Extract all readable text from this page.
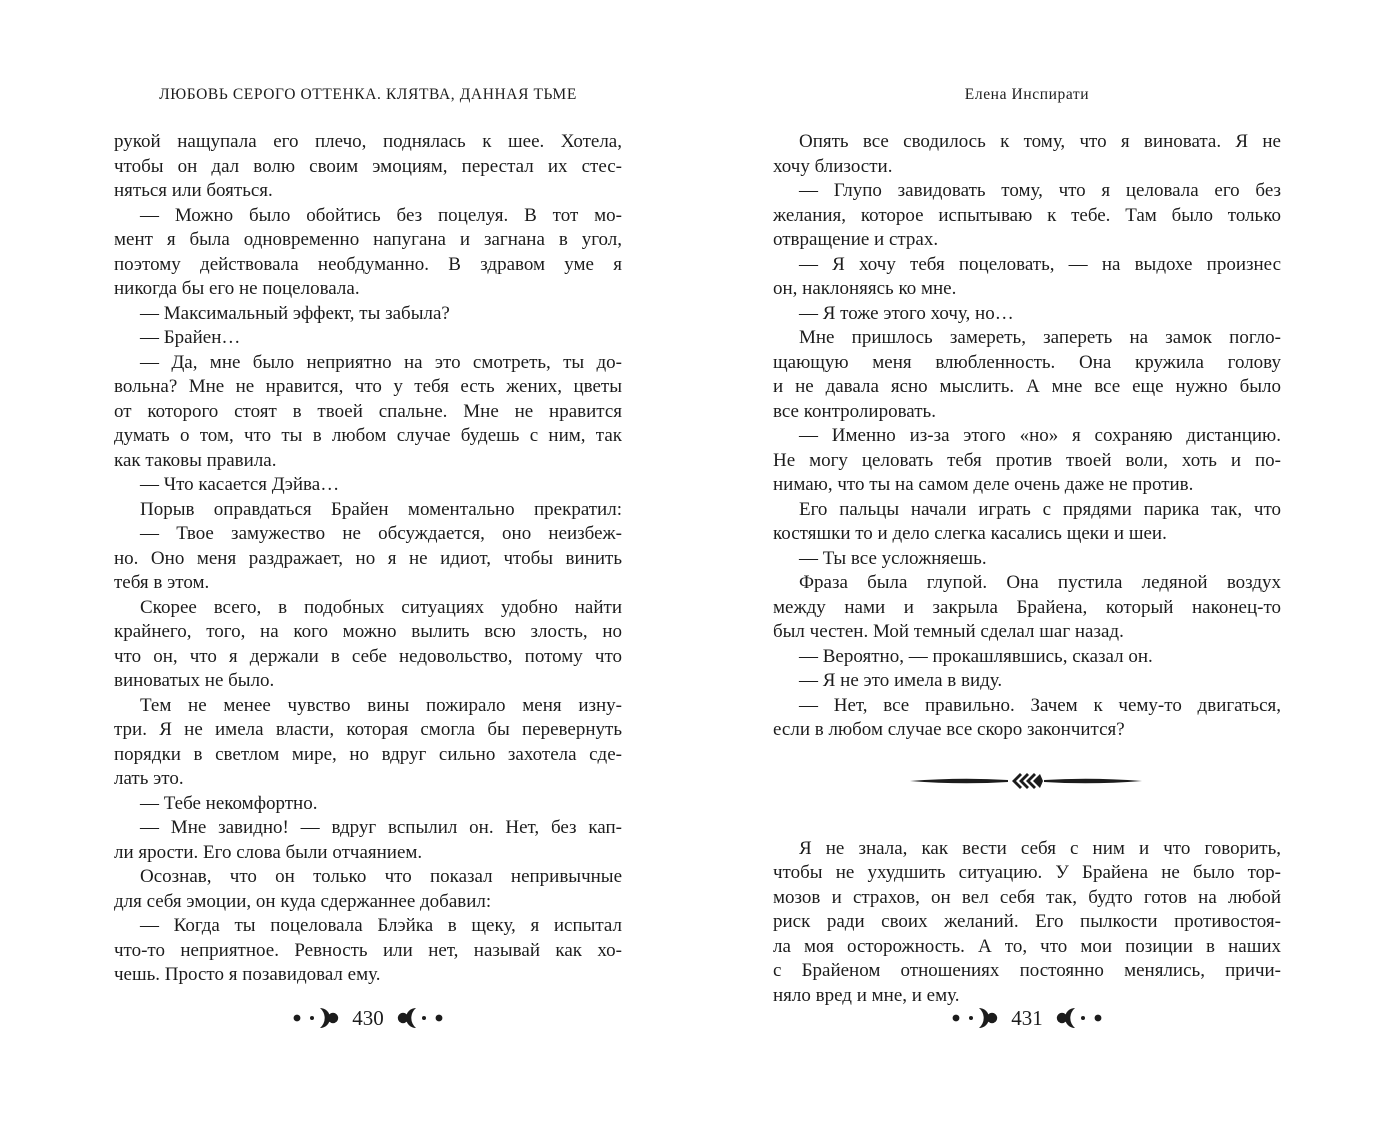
ЛЮБОВЬ СЕРОГО ОТТЕНКА. КЛЯТВА, ДАННАЯ ТЬМЕ
рукой нащупала его плечо, поднялась к шее. Хотела,
чтобы он дал волю своим эмоциям, перестал их стес-
няться или бояться.
— Можно было обойтись без поцелуя. В тот мо-
мент я была одновременно напугана и загнана в угол,
поэтому действовала необдуманно. В здравом уме я
никогда бы его не поцеловала.
— Максимальный эффект, ты забыла?
— Брайен…
— Да, мне было неприятно на это смотреть, ты до-
вольна? Мне не нравится, что у тебя есть жених, цветы
от которого стоят в твоей спальне. Мне не нравится
думать о том, что ты в любом случае будешь с ним, так
как таковы правила.
— Что касается Дэйва…
Порыв оправдаться Брайен моментально прекратил:
— Твое замужество не обсуждается, оно неизбеж-
но. Оно меня раздражает, но я не идиот, чтобы винить
тебя в этом.
Скорее всего, в подобных ситуациях удобно найти
крайнего, того, на кого можно вылить всю злость, но
что он, что я держали в себе недовольство, потому что
виноватых не было.
Тем не менее чувство вины пожирало меня изну-
три. Я не имела власти, которая смогла бы перевернуть
порядки в светлом мире, но вдруг сильно захотела сде-
лать это.
— Тебе некомфортно.
— Мне завидно! — вдруг вспылил он. Нет, без кап-
ли ярости. Его слова были отчаянием.
Осознав, что он только что показал непривычные
для себя эмоции, он куда сдержаннее добавил:
— Когда ты поцеловала Блэйка в щеку, я испытал
что-то неприятное. Ревность или нет, называй как хо-
чешь. Просто я позавидовал ему.
430
Елена Инспирати
Опять все сводилось к тому, что я виновата. Я не
хочу близости.
— Глупо завидовать тому, что я целовала его без
желания, которое испытываю к тебе. Там было только
отвращение и страх.
— Я хочу тебя поцеловать, — на выдохе произнес
он, наклоняясь ко мне.
— Я тоже этого хочу, но…
Мне пришлось замереть, запереть на замок погло-
щающую меня влюбленность. Она кружила голову
и не давала ясно мыслить. А мне все еще нужно было
все контролировать.
— Именно из-за этого «но» я сохраняю дистанцию.
Не могу целовать тебя против твоей воли, хоть и по-
нимаю, что ты на самом деле очень даже не против.
Его пальцы начали играть с прядями парика так, что
костяшки то и дело слегка касались щеки и шеи.
— Ты все усложняешь.
Фраза была глупой. Она пустила ледяной воздух
между нами и закрыла Брайена, который наконец-то
был честен. Мой темный сделал шаг назад.
— Вероятно, — прокашлявшись, сказал он.
— Я не это имела в виду.
— Нет, все правильно. Зачем к чему-то двигаться,
если в любом случае все скоро закончится?
Я не знала, как вести себя с ним и что говорить,
чтобы не ухудшить ситуацию. У Брайена не было тор-
мозов и страхов, он вел себя так, будто готов на любой
риск ради своих желаний. Его пылкости противостоя-
ла моя осторожность. А то, что мои позиции в наших
с Брайеном отношениях постоянно менялись, причи-
няло вред и мне, и ему.
431
